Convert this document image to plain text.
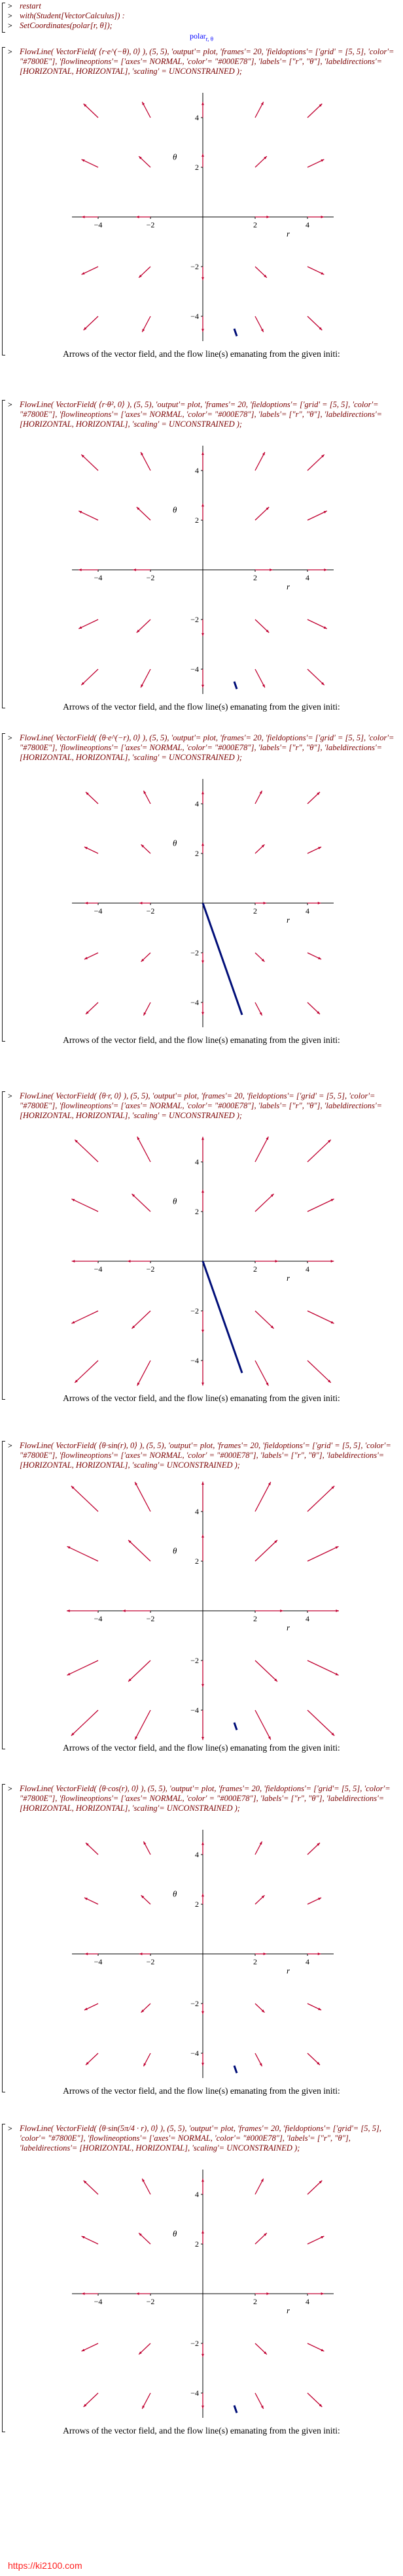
> restart
> with(Student[VectorCalculus]) :
> SetCoordinates(polar[r, θ]);
polar$_{r, \theta}$
> FlowLine( VectorField( ⟨r·e^(−θ), 0⟩ ), (5, 5), 'output'= plot, 'frames'= 20, 'fieldoptions'= ['grid' = [5, 5], 'color'= "#7800E"], 'flowlineoptions'= ['axes'= NORMAL, 'color'= "#000E78"], 'labels'= ["r", "θ"], 'labeldirections'= [HORIZONTAL, HORIZONTAL], 'scaling' = UNCONSTRAINED );
−4	−2	2	4
4
2
−2
−4
r
θ
Arrows of the vector field, and the flow line(s) emanating from the given initi:
> FlowLine( VectorField( ⟨r·θ², 0⟩ ), (5, 5), 'output'= plot, 'frames'= 20, 'fieldoptions'= ['grid' = [5, 5], 'color'= "#7800E"], 'flowlineoptions'= ['axes'= NORMAL, 'color'= "#000E78"], 'labels'= ["r", "θ"], 'labeldirections'= [HORIZONTAL, HORIZONTAL], 'scaling' = UNCONSTRAINED );
−4	−2	2	4
4
2
−2
−4
r
θ
Arrows of the vector field, and the flow line(s) emanating from the given initi:
> FlowLine( VectorField( ⟨θ·e^(−r), 0⟩ ), (5, 5), 'output'= plot, 'frames'= 20, 'fieldoptions'= ['grid' = [5, 5], 'color'= "#7800E"], 'flowlineoptions'= ['axes'= NORMAL, 'color'= "#000E78"], 'labels'= ["r", "θ"], 'labeldirections'= [HORIZONTAL, HORIZONTAL], 'scaling' = UNCONSTRAINED );
−4	−2	2	4
4
2
−2
−4
r
θ
Arrows of the vector field, and the flow line(s) emanating from the given initi:
> FlowLine( VectorField( ⟨θ·r, 0⟩ ), (5, 5), 'output'= plot, 'frames'= 20, 'fieldoptions'= ['grid' = [5, 5], 'color'= "#7800E"], 'flowlineoptions'= ['axes'= NORMAL, 'color'= "#000E78"], 'labels'= ["r", "θ"], 'labeldirections'= [HORIZONTAL, HORIZONTAL], 'scaling' = UNCONSTRAINED );
−4	−2	2	4
4
2
−2
−4
r
θ
Arrows of the vector field, and the flow line(s) emanating from the given initi:
> FlowLine( VectorField( ⟨θ·sin(r), 0⟩ ), (5, 5), 'output'= plot, 'frames'= 20, 'fieldoptions'= ['grid' = [5, 5], 'color'= "#7800E"], 'flowlineoptions'= ['axes'= NORMAL, 'color' = "#000E78"], 'labels'= ["r", "θ"], 'labeldirections'= [HORIZONTAL, HORIZONTAL], 'scaling'= UNCONSTRAINED );
−4	−2	2	4
4
2
−2
−4
r
θ
Arrows of the vector field, and the flow line(s) emanating from the given initi:
> FlowLine( VectorField( ⟨θ·cos(r), 0⟩ ), (5, 5), 'output'= plot, 'frames'= 20, 'fieldoptions'= ['grid'= [5, 5], 'color'= "#7800E"], 'flowlineoptions'= ['axes'= NORMAL, 'color' = "#000E78"], 'labels'= ["r", "θ"], 'labeldirections'= [HORIZONTAL, HORIZONTAL], 'scaling'= UNCONSTRAINED );
−4	−2	2	4
4
2
−2
−4
r
θ
Arrows of the vector field, and the flow line(s) emanating from the given initi:
> FlowLine( VectorField( ⟨θ·sin(5π/4 · r), 0⟩ ), (5, 5), 'output'= plot, 'frames'= 20, 'fieldoptions'= ['grid'= [5, 5], 'color'= "#7800E"], 'flowlineoptions'= ['axes'= NORMAL, 'color'= "#000E78"], 'labels'= ["r", "θ"], 'labeldirections'= [HORIZONTAL, HORIZONTAL], 'scaling'= UNCONSTRAINED );
−4	−2	2	4
4
2
−2
−4
r
θ
Arrows of the vector field, and the flow line(s) emanating from the given initi:
https://ki2100.com
